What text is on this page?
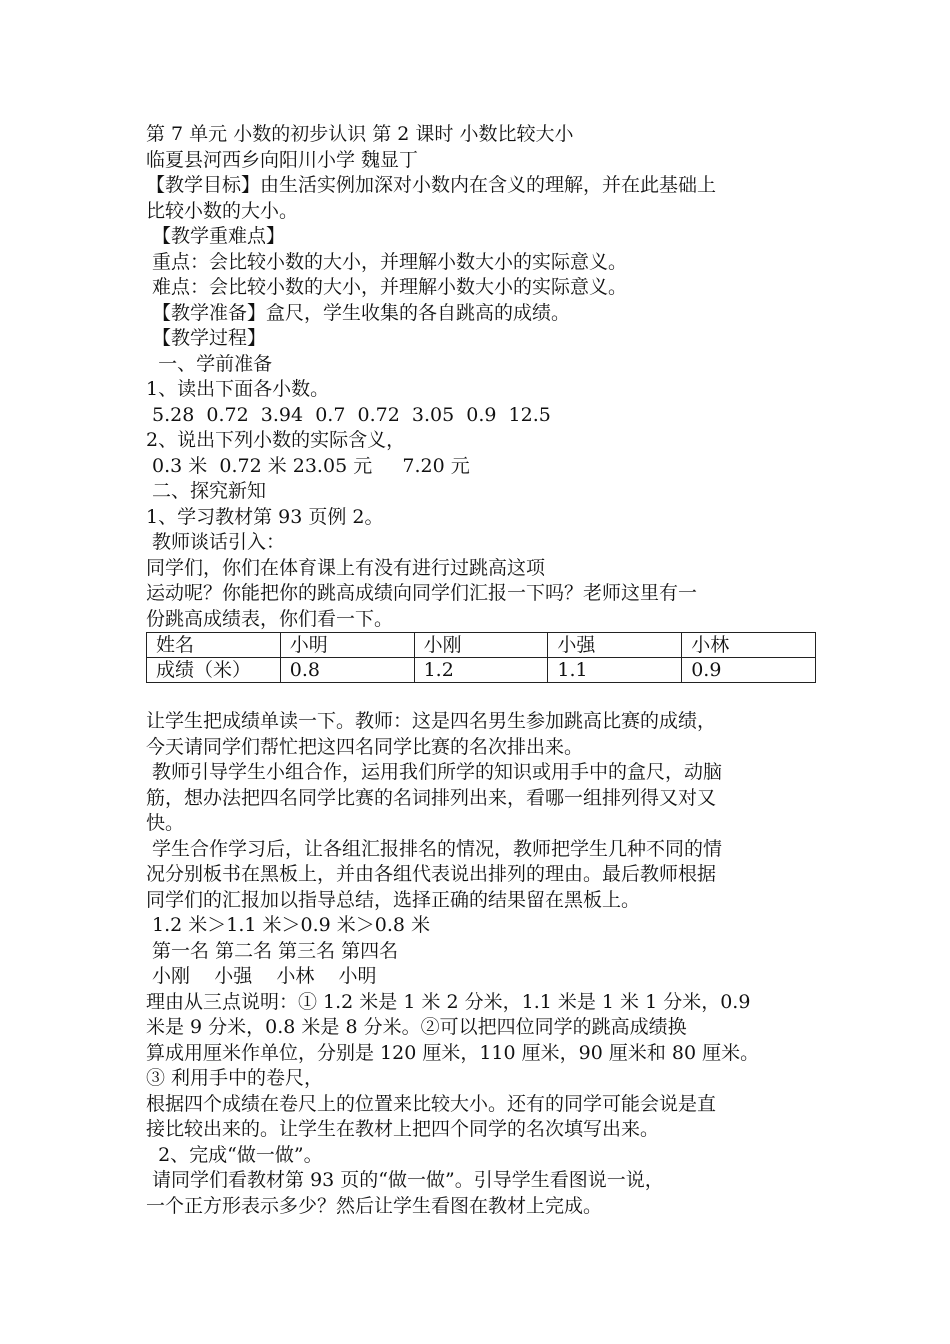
第 7 单元 小数的初步认识 第 2 课时 小数比较大小

临夏县河西乡向阳川小学 魏显丁

【教学目标】由生活实例加深对小数内在含义的理解，并在此基础上

比较小数的大小。

【教学重难点】

重点：会比较小数的大小，并理解小数大小的实际意义。

难点：会比较小数的大小，并理解小数大小的实际意义。

【教学准备】盒尺，学生收集的各自跳高的成绩。

【教学过程】

一、学前准备

1、读出下面各小数。

5.28  0.72  3.94  0.7  0.72  3.05  0.9  12.5

2、说出下列小数的实际含义，

0.3 米  0.72 米 23.05 元     7.20 元

二、探究新知

1、学习教材第 93 页例 2。

教师谈话引入：

同学们，你们在体育课上有没有进行过跳高这项

运动呢？你能把你的跳高成绩向同学们汇报一下吗？老师这里有一

份跳高成绩表，你们看一下。

姓名	小明	小刚	小强	小林
成绩（米）	0.8	1.2	1.1	0.9

让学生把成绩单读一下。教师：这是四名男生参加跳高比赛的成绩，

今天请同学们帮忙把这四名同学比赛的名次排出来。

教师引导学生小组合作，运用我们所学的知识或用手中的盒尺，动脑

筋，想办法把四名同学比赛的名词排列出来，看哪一组排列得又对又

快。

学生合作学习后，让各组汇报排名的情况，教师把学生几种不同的情

况分别板书在黑板上，并由各组代表说出排列的理由。最后教师根据

同学们的汇报加以指导总结，选择正确的结果留在黑板上。

1.2 米＞1.1 米＞0.9 米＞0.8 米

第一名 第二名 第三名 第四名

小刚    小强    小林    小明

理由从三点说明：① 1.2 米是 1 米 2 分米，1.1 米是 1 米 1 分米，0.9

米是 9 分米，0.8 米是 8 分米。②可以把四位同学的跳高成绩换

算成用厘米作单位，分别是 120 厘米，110 厘米，90 厘米和 80 厘米。

③ 利用手中的卷尺，

根据四个成绩在卷尺上的位置来比较大小。还有的同学可能会说是直

接比较出来的。让学生在教材上把四个同学的名次填写出来。

2、完成“做一做”。

请同学们看教材第 93 页的“做一做”。引导学生看图说一说，

一个正方形表示多少？然后让学生看图在教材上完成。
